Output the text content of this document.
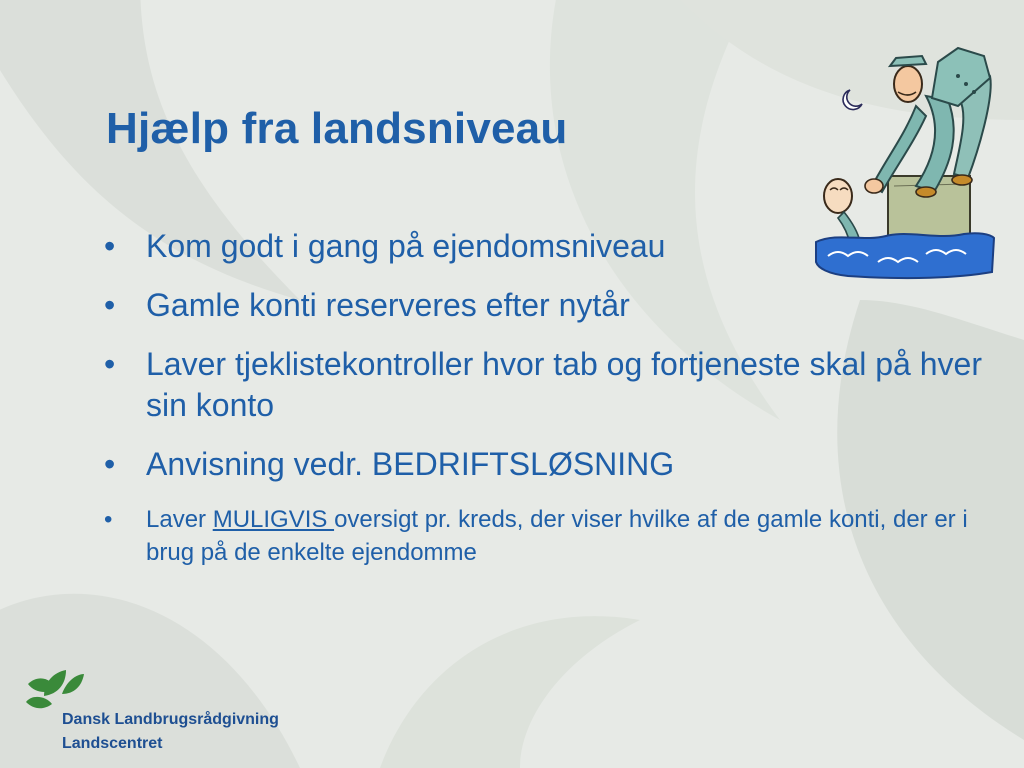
Hjælp fra landsniveau
• Kom godt i gang på ejendomsniveau
• Gamle konti reserveres efter nytår
• Laver tjeklistekontroller hvor tab og fortjeneste skal på hver sin konto
• Anvisning vedr. BEDRIFTSLØSNING
• Laver MULIGVIS oversigt pr. kreds, der viser hvilke af de gamle konti, der er i brug på de enkelte ejendomme

Dansk Landbrugsrådgivning
Landscentret
